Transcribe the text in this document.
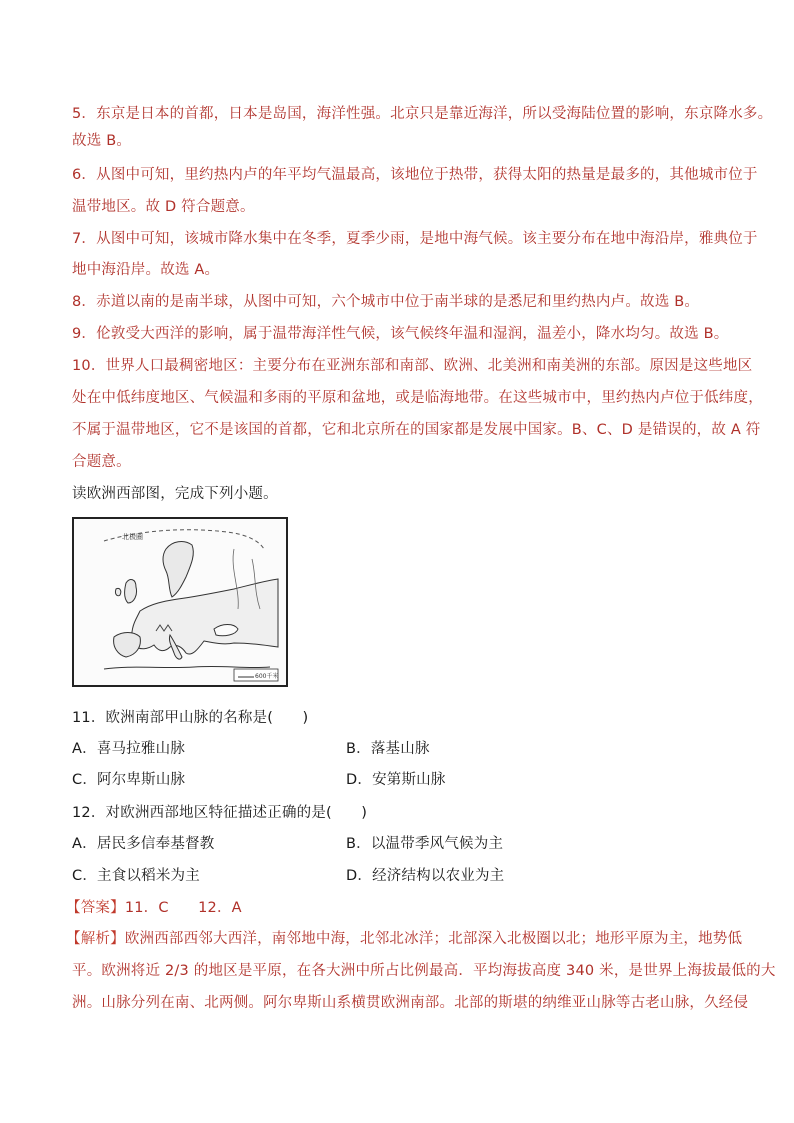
5．东京是日本的首都，日本是岛国，海洋性强。北京只是靠近海洋，所以受海陆位置的影响，东京降水多。
故选 B。
6．从图中可知，里约热内卢的年平均气温最高，该地位于热带，获得太阳的热量是最多的，其他城市位于
温带地区。故 D 符合题意。
7．从图中可知，该城市降水集中在冬季，夏季少雨，是地中海气候。该主要分布在地中海沿岸，雅典位于
地中海沿岸。故选 A。
8．赤道以南的是南半球，从图中可知，六个城市中位于南半球的是悉尼和里约热内卢。故选 B。
9．伦敦受大西洋的影响，属于温带海洋性气候，该气候终年温和湿润，温差小，降水均匀。故选 B。
10．世界人口最稠密地区：主要分布在亚洲东部和南部、欧洲、北美洲和南美洲的东部。原因是这些地区
处在中低纬度地区、气候温和多雨的平原和盆地，或是临海地带。在这些城市中，里约热内卢位于低纬度，
不属于温带地区，它不是该国的首都，它和北京所在的国家都是发展中国家。B、C、D 是错误的，故 A 符
合题意。
读欧洲西部图，完成下列小题。
北极圈
600千米
11．欧洲南部甲山脉的名称是(　　)
A．喜马拉雅山脉	B．落基山脉
C．阿尔卑斯山脉	D．安第斯山脉
12．对欧洲西部地区特征描述正确的是(　　)
A．居民多信奉基督教	B．以温带季风气候为主
C．主食以稻米为主	D．经济结构以农业为主
【答案】11．C　　12．A
【解析】欧洲西部西邻大西洋，南邻地中海，北邻北冰洋；北部深入北极圈以北；地形平原为主，地势低
平。欧洲将近 2/3 的地区是平原，在各大洲中所占比例最高．平均海拔高度 340 米，是世界上海拔最低的大
洲。山脉分列在南、北两侧。阿尔卑斯山系横贯欧洲南部。北部的斯堪的纳维亚山脉等古老山脉，久经侵
